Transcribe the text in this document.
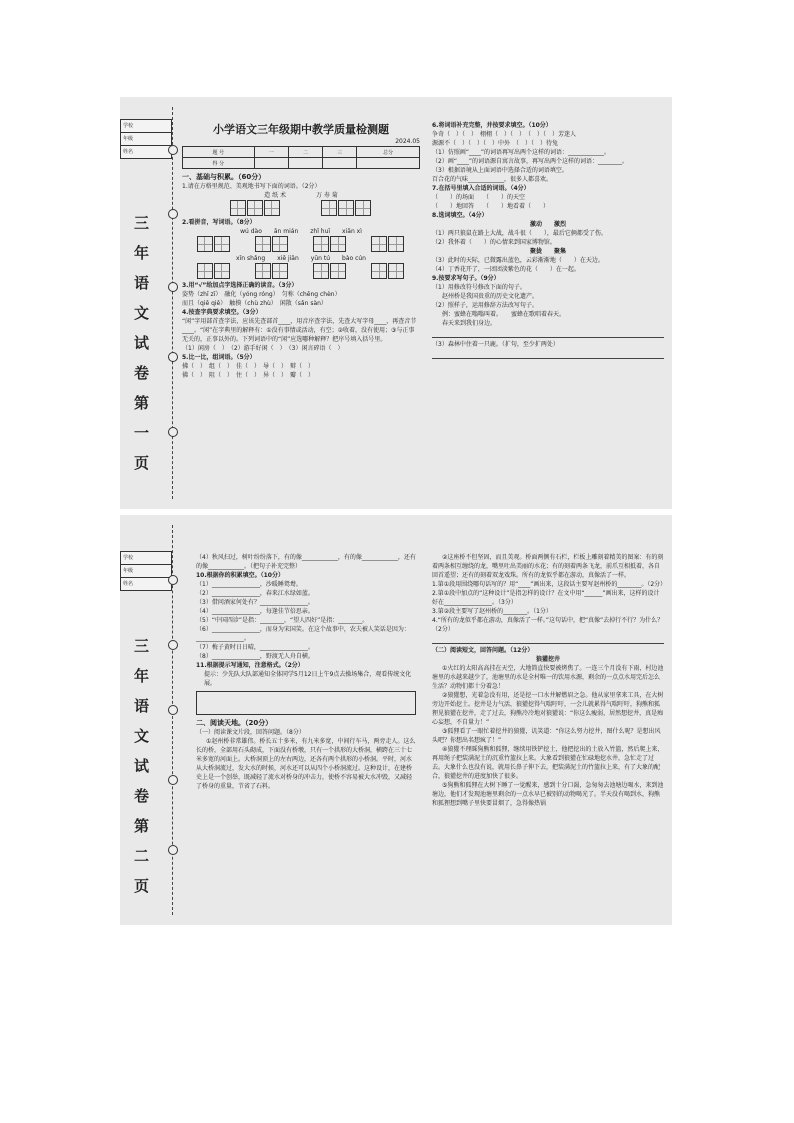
学校
年级
姓名
三
年
语
文
试
卷
第
一
页
小学语文三年级期中教学质量检测题
2024.05
题 号	一	二	三	总分
得 分				
一、基础与积累。（60分）
1.请在方格里规范、美观地书写下面的词语。（2分）
造 纸 术　　　　　万 寿 菊

2.看拼音，写词语。（8分）
wú dào　　ān mián　　zhǐ huī　　xiān xì

xīn shǎng　　xiē jiān　　yūn tú　　bào cún

3.用“√”给加点字选择正确的读音。（3分）
姿势（zhī zī）　融化（yóng róng）　匀称（chēng chèn）
而且（qiē qiě）　触摸（chù zhù）　闲散（sǎn sàn）
4.按查字典要求填空。（3分）
“闲”字用部首查字法，应该先查部首____，用音序查字法，先查大写字母____，再查音节____。“闲”在字典里的解释有：①没有事情或活动，有空；②收着，没有使用；③与正事无关的，正事以外的。下列词语中的“闲”应选哪种解释？把序号填入括号里。
（1）闲房（　）　（2）游手好闲（　）　（3）闲言碎语（　）
5.比一比，组词语。（5分）
拂（　）　组（　）　佳（　）　导（　）　辩（　）
佛（　）　阻（　）　住（　）　异（　）　瓣（　）
6.将词语补充完整，并按要求填空。（10分）
争奇（　）（　）　栩栩（　）（　）　（　）（　）芳迷人
源源不（　）（　）（　）中外　（　）（　）待兔
（1）仿照画“____”的词语再写出两个这样的词语：____________。
（2）画“____”的词语源自寓言故事，再写出两个这样的词语：________。
（3）根据语境从上面词语中选择合适的词语填空。
百合花的气味____________，很多人都喜欢。
7.在括号里填入合适的词语。（4分）
（　　）的场面　　（　　）的天空
（　　）地回答　　（　　）地看着（　　）
8.选词填空。（4分）
激动　　激烈
（1）两只狼鼠在路上大战，战斗很（　　），最后它俩都受了伤。
（2）我怀着（　　）的心情来到国家博物馆。
聚拢　　聚集
（3）此时的天际，已微露出蓝色，云彩渐渐地（　　）在天边。
（4）丁香花开了，一团团淡紫色的花（　　）在一起。
9.按要求写句子。（9分）
（1）用修改符号修改下面的句子。
赵州桥是我国贵重的历史文化遗产。
（2）照样子，运用修辞方法改写句子。
例：蜜蜂在嗡嗡叫着。　　蜜蜂在歌唱着春天。
春天来到我们身边。
（3）森林中住着一只鹿。（扩句，至少扩两处）
学校
年级
姓名
三
年
语
文
试
卷
第
二
页
（4）秋风扫过，树叶纷纷落下，有的像____________，有的像____________，还有的像____________。（把句子补充完整）
10.根据你的积累填空。（10分）
（1）________________，沙暖睡鸳鸯。
（2）________________，春来江水绿如蓝。
（3）借问酒家何处有？________________。
（4）________________，每逢佳节倍思亲。
（5）“中国四诊”是指：________，“望人四好”是指：________。
（6）________________，而身为宋国笑。在这个故事中，农夫被人笑话是因为：________________。
（7）梅子黄时日日晴，________________。
（8）________________，野渡无人舟自横。
11.根据提示写通知，注意格式。（2分）
提示：少先队大队部通知全体同学5月12日上午9点去操场集合，观看传统文化展。
二、阅读天地。（20分）
（一）阅读课文片段，回答问题。（8分）
①赵州桥非常雄伟。桥长五十多米，有九米多宽，中间行车马，两旁走人。这么长的桥，全部用石头砌成，下面没有桥墩，只有一个拱形的大桥洞，横跨在三十七米多宽的河面上。大桥洞顶上的左右两边，还各有两个拱形的小桥洞。平时，河水从大桥洞流过，发大水的时候，河水还可以从四个小桥洞流过。这种设计，在建桥史上是一个创举，既减轻了流水对桥身的冲击力，使桥不容易被大水冲毁，又减轻了桥身的重量，节省了石料。
②这座桥不但坚固，而且美观。桥面两侧有石栏，栏板上雕刻着精美的图案：有的刻着两条相互缠绕的龙，嘴里吐出美丽的水花；有的刻着两条飞龙，前爪互相抵着，各自回首遥望；还有的刻着双龙戏珠。所有的龙似乎都在游动，真像活了一样。
1.第①段用围绕哪句话写的？用“____”画出来，这段话主要写赵州桥的________。（2分）
2.第①段中加点的“这种设计”是指怎样的设计？在文中用“______”画出来，这样的设计好在________________。（3分）
3.第②段主要写了赵州桥的________。（1分）
4.“所有的龙似乎都在游动，真像活了一样。”这句话中，把“真像”去掉行不行？为什么？（2分）
（二）阅读短文，回答问题。（12分）
狼獾挖井
①火红的太阳高高挂在天空，大地简直快要被烤焦了。一连三个月没有下雨，村边池塘里的水越来越少了，池塘里的水是全村唯一的饮用水源，剩余的一点点水用完后怎么生活？动物们都十分着急！
②狼獾想，光着急没有用，还是挖一口水井解燃眉之急。他从家里拿来工具，在大树旁边开始挖土。挖井是力气活，狼獾挖得气喘吁吁，一会儿就累得气喘吁吁，狗熊和狐狸见狼獾在挖井，走了过去，狗熊冷冷地对狼獾说：“你这么瘦弱，居然想挖井，真是痴心妄想，不自量力！”
③狐狸看了一眼忙着挖井的狼獾，讥笑道：“你这么努力挖井，图什么呢？是想出风头吧？你想出名想疯了！”
④狼獾不理睬狗熊和狐狸，继续用铁铲挖土，他把挖出的土放入竹篮，然后爬上来，再用绳子把装满泥土的沉重竹篮拉上来。大象看到狼獾在忙碌地挖水井，急忙走了过去。大象什么也没有说，就用长鼻子伸下去，把装满泥土的竹篮拉上来，有了大象的配合，狼獾挖井的进度加快了很多。
⑤狗熊和狐狸在大树下睡了一觉醒来，感到十分口渴，急匆匆去池塘边喝水，来到池塘边，他们才发现池塘里剩余的一点水早已被别的动物喝光了。半天没有喝到水，狗熊和狐狸想到嘴子里快要冒烟了，急得像热锅
